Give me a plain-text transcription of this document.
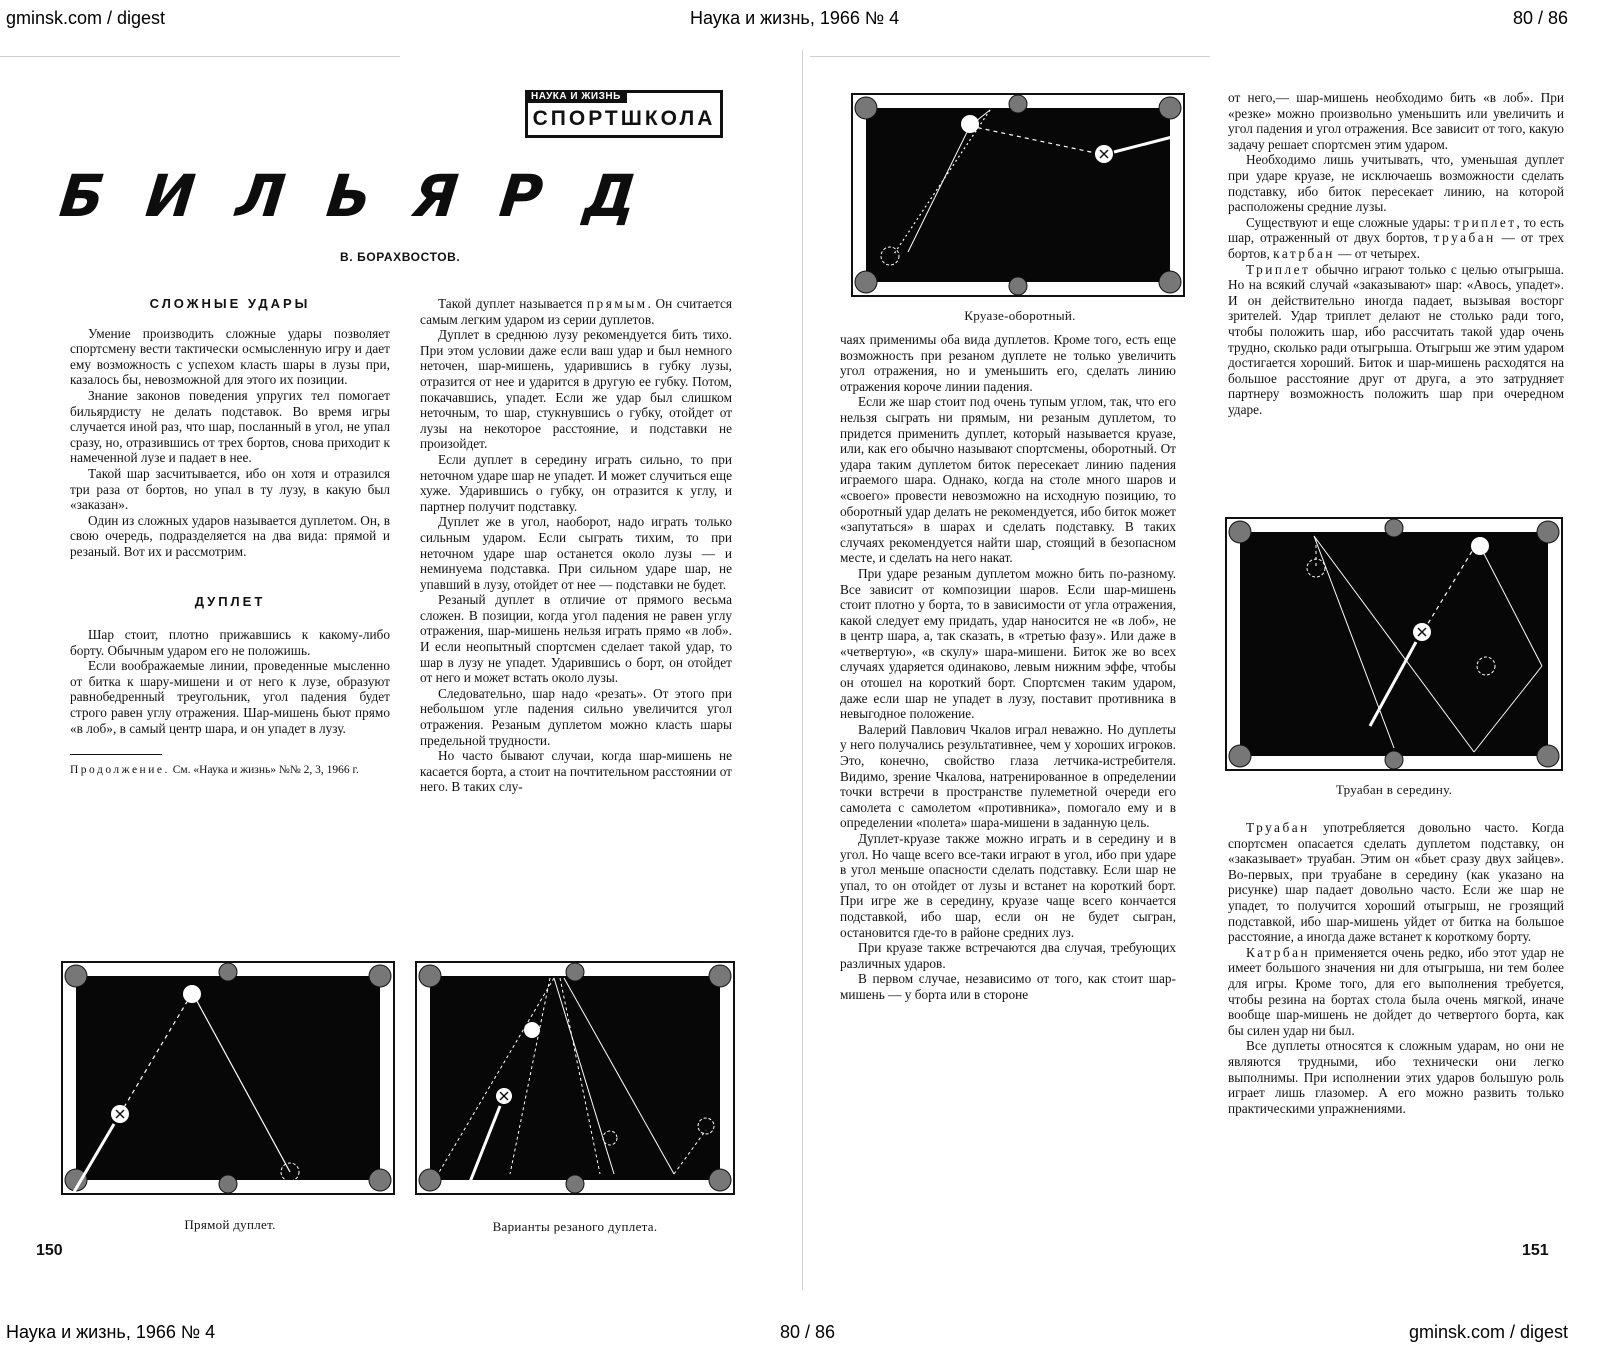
gminsk.com / digest	Наука и жизнь, 1966 № 4	80 / 86
НАУКА И ЖИЗНЬ
СПОРТШКОЛА
БИЛЬЯРД
В. БОРАХВОСТОВ.
СЛОЖНЫЕ УДАРЫ

Умение производить сложные удары позволяет спортсмену вести тактически осмысленную игру и дает ему возможность с успехом класть шары в лузы при, казалось бы, невозможной для этого их позиции.

Знание законов поведения упругих тел помогает бильярдисту не делать подставок. Во время игры случается иной раз, что шар, посланный в угол, не упал сразу, но, отразившись от трех бортов, снова приходит к намеченной лузе и падает в нее.

Такой шар засчитывается, ибо он хотя и отразился три раза от бортов, но упал в ту лузу, в какую был «заказан».

Один из сложных ударов называется дуплетом. Он, в свою очередь, подразделяется на два вида: прямой и резаный. Вот их и рассмотрим.

ДУПЛЕТ

Шар стоит, плотно прижавшись к какому-либо борту. Обычным ударом его не положишь.

Если воображаемые линии, проведенные мысленно от битка к шару-мишени и от него к лузе, образуют равнобедренный треугольник, угол падения будет строго равен углу отражения. Шар-мишень бьют прямо «в лоб», в самый центр шара, и он упадет в лузу.

Продолжение. См. «Наука и жизнь» №№ 2, 3, 1966 г.

Такой дуплет называется прямым. Он считается самым легким ударом из серии дуплетов.

Дуплет в среднюю лузу рекомендуется бить тихо. При этом условии даже если ваш удар и был немного неточен, шар-мишень, ударившись в губку лузы, отразится от нее и ударится в другую ее губку. Потом, покачавшись, упадет. Если же удар был слишком неточным, то шар, стукнувшись о губку, отойдет от лузы на некоторое расстояние, и подставки не произойдет.

Если дуплет в середину играть сильно, то при неточном ударе шар не упадет. И может случиться еще хуже. Ударившись о губку, он отразится к углу, и партнер получит подставку.

Дуплет же в угол, наоборот, надо играть только сильным ударом. Если сыграть тихим, то при неточном ударе шар останется около лузы — и неминуема подставка. При сильном ударе шар, не упавший в лузу, отойдет от нее — подставки не будет.

Резаный дуплет в отличие от прямого весьма сложен. В позиции, когда угол падения не равен углу отражения, шар-мишень нельзя играть прямо «в лоб». И если неопытный спортсмен сделает такой удар, то шар в лузу не упадет. Ударившись о борт, он отойдет от него и может встать около лузы.

Следовательно, шар надо «резать». От этого при небольшом угле падения сильно увеличится угол отражения. Резаным дуплетом можно класть шары предельной трудности.

Но часто бывают случаи, когда шар-мишень не касается борта, а стоит на почтительном расстоянии от него. В таких слу-

Прямой дуплет.	Варианты резаного дуплета.
150
Круазе-оборотный.

чаях применимы оба вида дуплетов. Кроме того, есть еще возможность при резаном дуплете не только увеличить угол отражения, но и уменьшить его, сделать линию отражения короче линии падения.

Если же шар стоит под очень тупым углом, так, что его нельзя сыграть ни прямым, ни резаным дуплетом, то придется применить дуплет, который называется круазе, или, как его обычно называют спортсмены, оборотный. От удара таким дуплетом биток пересекает линию падения играемого шара. Однако, когда на столе много шаров и «своего» провести невозможно на исходную позицию, то оборотный удар делать не рекомендуется, ибо биток может «запутаться» в шарах и сделать подставку. В таких случаях рекомендуется найти шар, стоящий в безопасном месте, и сделать на него накат.

При ударе резаным дуплетом можно бить по-разному. Все зависит от композиции шаров. Если шар-мишень стоит плотно у борта, то в зависимости от угла отражения, какой следует ему придать, удар наносится не «в лоб», не в центр шара, а, так сказать, в «третью фазу». Или даже в «четвертую», «в скулу» шара-мишени. Биток же во всех случаях ударяется одинаково, левым нижним эффе, чтобы он отошел на короткий борт. Спортсмен таким ударом, даже если шар не упадет в лузу, поставит противника в невыгодное положение.

Валерий Павлович Чкалов играл неважно. Но дуплеты у него получались результативнее, чем у хороших игроков. Это, конечно, свойство глаза летчика-истребителя. Видимо, зрение Чкалова, натренированное в определении точки встречи в пространстве пулеметной очереди его самолета с самолетом «противника», помогало ему и в определении «полета» шара-мишени в заданную цель.

Дуплет-круазе также можно играть и в середину и в угол. Но чаще всего все-таки играют в угол, ибо при ударе в угол меньше опасности сделать подставку. Если шар не упал, то он отойдет от лузы и встанет на короткий борт. При игре же в середину, круазе чаще всего кончается подставкой, ибо шар, если он не будет сыгран, остановится где-то в районе средних луз.

При круазе также встречаются два случая, требующих различных ударов.

В первом случае, независимо от того, как стоит шар-мишень — у борта или в стороне

от него,— шар-мишень необходимо бить «в лоб». При «резке» можно произвольно уменьшить или увеличить и угол падения и угол отражения. Все зависит от того, какую задачу решает спортсмен этим ударом.

Необходимо лишь учитывать, что, уменьшая дуплет при ударе круазе, не исключаешь возможности сделать подставку, ибо биток пересекает линию, на которой расположены средние лузы.

Существуют и еще сложные удары: триплет, то есть шар, отраженный от двух бортов, труабан — от трех бортов, катрбан — от четырех.

Триплет обычно играют только с целью отыгрыша. Но на всякий случай «заказывают» шар: «Авось, упадет». И он действительно иногда падает, вызывая восторг зрителей. Удар триплет делают не столько ради того, чтобы положить шар, ибо рассчитать такой удар очень трудно, сколько ради отыгрыша. Отыгрыш же этим ударом достигается хороший. Биток и шар-мишень расходятся на большое расстояние друг от друга, а это затрудняет партнеру возможность положить шар при очередном ударе.

Труабан в середину.

Труабан употребляется довольно часто. Когда спортсмен опасается сделать дуплетом подставку, он «заказывает» труабан. Этим он «бьет сразу двух зайцев». Во-первых, при труабане в середину (как указано на рисунке) шар падает довольно часто. Если же шар не упадет, то получится хороший отыгрыш, не грозящий подставкой, ибо шар-мишень уйдет от битка на большое расстояние, а иногда даже встанет к короткому борту.

Катрбан применяется очень редко, ибо этот удар не имеет большого значения ни для отыгрыша, ни тем более для игры. Кроме того, для его выполнения требуется, чтобы резина на бортах стола была очень мягкой, иначе вообще шар-мишень не дойдет до четвертого борта, как бы силен удар ни был.

Все дуплеты относятся к сложным ударам, но они не являются трудными, ибо технически они легко выполнимы. При исполнении этих ударов большую роль играет лишь глазомер. А его можно развить только практическими упражнениями.

151
Наука и жизнь, 1966 № 4	80 / 86	gminsk.com / digest
